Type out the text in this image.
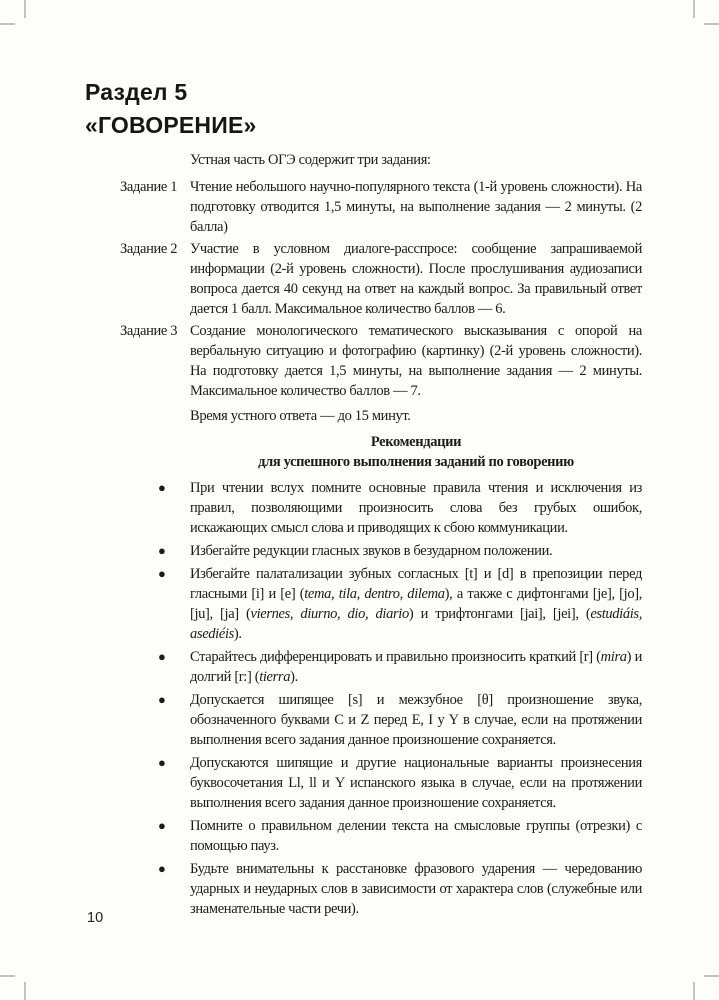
Раздел 5
«ГОВОРЕНИЕ»

Устная часть ОГЭ содержит три задания:

Задание 1 Чтение небольшого научно-популярного текста (1-й уровень сложности). На подготовку отводится 1,5 минуты, на выполнение задания — 2 минуты. (2 балла)
Задание 2 Участие в условном диалоге-расспросе: сообщение запрашиваемой информации (2-й уровень сложности). После прослушивания аудиозаписи вопроса дается 40 секунд на ответ на каждый вопрос. За правильный ответ дается 1 балл. Максимальное количество баллов — 6.
Задание 3 Создание монологического тематического высказывания с опорой на вербальную ситуацию и фотографию (картинку) (2-й уровень сложности). На подготовку дается 1,5 минуты, на выполнение задания — 2 минуты. Максимальное количество баллов — 7.

Время устного ответа — до 15 минут.

Рекомендации
для успешного выполнения заданий по говорению
●	При чтении вслух помните основные правила чтения и исключения из правил, позволяющими произносить слова без грубых ошибок, искажающих смысл слова и приводящих к сбою коммуникации.
●	Избегайте редукции гласных звуков в безударном положении.
●	Избегайте палатализации зубных согласных [t] и [d] в препозиции перед гласными [i] и [e] (tema, tila, dentro, dilema), а также с дифтонгами [je], [jo], [ju], [ja] (viernes, diurno, dio, diario) и трифтонгами [jai], [jei], (estudiáis, asediéis).
●	Старайтесь дифференцировать и правильно произносить краткий [r] (mira) и долгий [r:] (tierra).
●	Допускается шипящее [s] и межзубное [θ] произношение звука, обозначенного буквами C и Z перед E, I y Y в случае, если на протяжении выполнения всего задания данное произношение сохраняется.
●	Допускаются шипящие и другие национальные варианты произнесения буквосочетания Ll, ll и Y испанского языка в случае, если на протяжении выполнения всего задания данное произношение сохраняется.
●	Помните о правильном делении текста на смысловые группы (отрезки) с помощью пауз.
●	Будьте внимательны к расстановке фразового ударения — чередованию ударных и неударных слов в зависимости от характера слов (служебные или знаменательные части речи).
10
